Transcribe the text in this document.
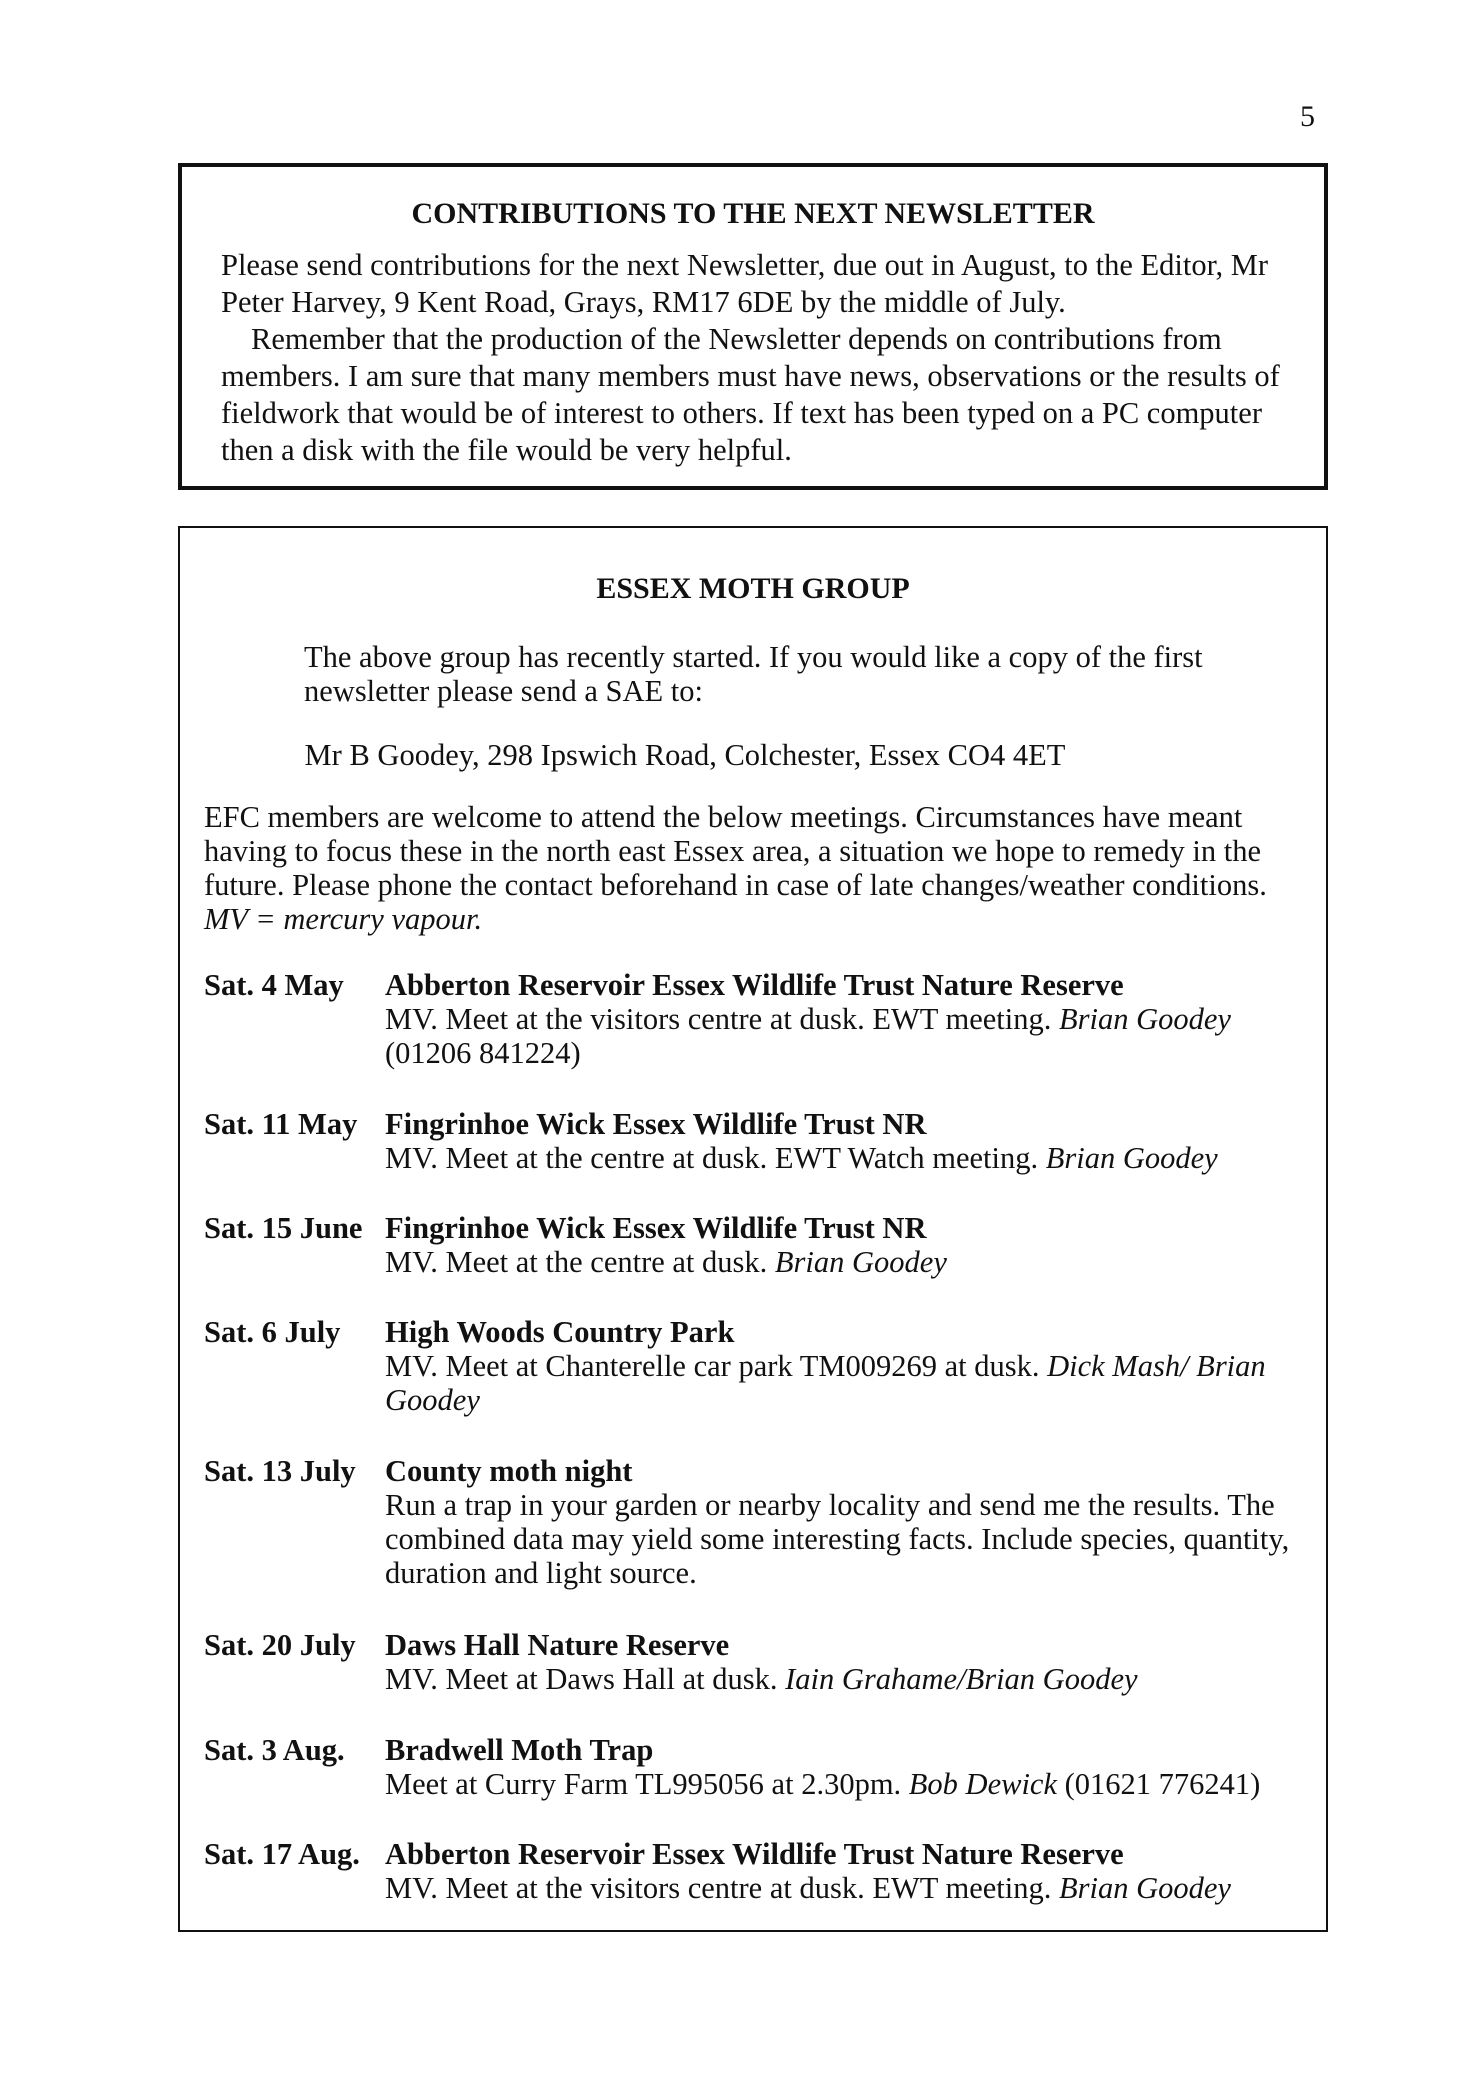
5
CONTRIBUTIONS TO THE NEXT NEWSLETTER
Please send contributions for the next Newsletter, due out in August, to the Editor, Mr Peter Harvey, 9 Kent Road, Grays, RM17 6DE by the middle of July.
Remember that the production of the Newsletter depends on contributions from members. I am sure that many members must have news, observations or the results of fieldwork that would be of interest to others. If text has been typed on a PC computer then a disk with the file would be very helpful.
ESSEX MOTH GROUP
The above group has recently started. If you would like a copy of the first newsletter please send a SAE to:
Mr B Goodey, 298 Ipswich Road, Colchester, Essex CO4 4ET
EFC members are welcome to attend the below meetings. Circumstances have meant having to focus these in the north east Essex area, a situation we hope to remedy in the future. Please phone the contact beforehand in case of late changes/weather conditions. MV = mercury vapour.
Sat. 4 May	Abberton Reservoir Essex Wildlife Trust Nature Reserve
MV. Meet at the visitors centre at dusk. EWT meeting. Brian Goodey (01206 841224)
Sat. 11 May Fingrinhoe Wick Essex Wildlife Trust NR
MV. Meet at the centre at dusk. EWT Watch meeting. Brian Goodey
Sat. 15 June Fingrinhoe Wick Essex Wildlife Trust NR
MV. Meet at the centre at dusk. Brian Goodey
Sat. 6 July	High Woods Country Park
MV. Meet at Chanterelle car park TM009269 at dusk. Dick Mash/ Brian Goodey
Sat. 13 July County moth night
Run a trap in your garden or nearby locality and send me the results. The combined data may yield some interesting facts. Include species, quantity, duration and light source.
Sat. 20 July Daws Hall Nature Reserve
MV. Meet at Daws Hall at dusk. Iain Grahame/Brian Goodey
Sat. 3 Aug.	Bradwell Moth Trap
Meet at Curry Farm TL995056 at 2.30pm. Bob Dewick (01621 776241)
Sat. 17 Aug. Abberton Reservoir Essex Wildlife Trust Nature Reserve
MV. Meet at the visitors centre at dusk. EWT meeting. Brian Goodey
